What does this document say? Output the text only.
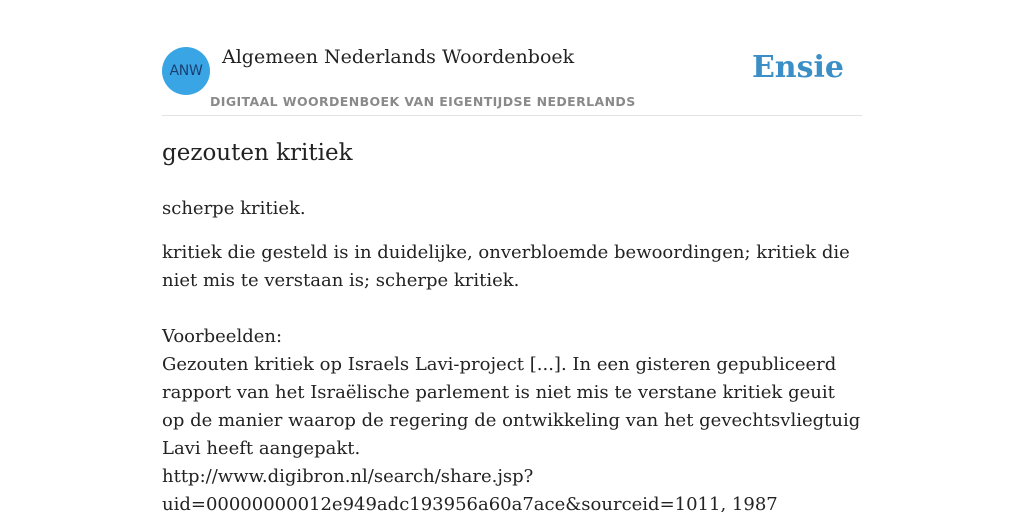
ANW
Algemeen Nederlands Woordenboek
DIGITAAL WOORDENBOEK VAN EIGENTIJDSE NEDERLANDS
Ensie
gezouten kritiek

scherpe kritiek.

kritiek die gesteld is in duidelijke, onverbloemde bewoordingen; kritiek die niet mis te verstaan is; scherpe kritiek.

Voorbeelden:

Gezouten kritiek op Israels Lavi-project [...]. In een gisteren gepubliceerd rapport van het Israëlische parlement is niet mis te verstane kritiek geuit op de manier waarop de regering de ontwikkeling van het gevechtsvliegtuig Lavi heeft aangepakt.

http://www.digibron.nl/search/share.jsp?

uid=00000000012e949adc193956a60a7ace&sourceid=1011, 1987
